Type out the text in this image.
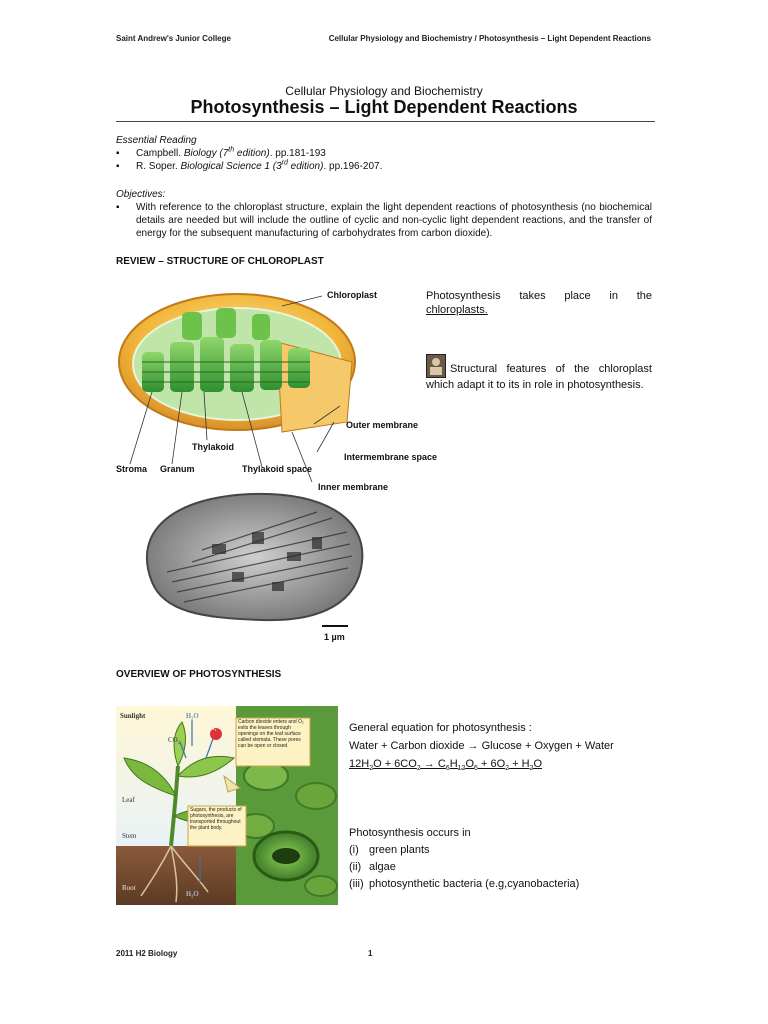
Saint Andrew's Junior College	Cellular Physiology and Biochemistry / Photosynthesis – Light Dependent Reactions
Cellular Physiology and Biochemistry
Photosynthesis – Light Dependent Reactions
Essential Reading
▪ Campbell. Biology (7th edition). pp.181-193
▪ R. Soper. Biological Science 1 (3rd edition). pp.196-207.
Objectives:
▪ With reference to the chloroplast structure, explain the light dependent reactions of photosynthesis (no biochemical details are needed but will include the outline of cyclic and non-cyclic light dependent reactions, and the transfer of energy for the subsequent manufacturing of carbohydrates from carbon dioxide).
REVIEW – STRUCTURE OF CHLOROPLAST
Chloroplast
Outer membrane
Intermembrane space
Inner membrane
Thylakoid
Stroma Granum	Thylakoid space
1 µm
Photosynthesis takes place in the chloroplasts.
Structural features of the chloroplast which adapt it to its in role in photosynthesis.
OVERVIEW OF PHOTOSYNTHESIS
Carbon dioxide enters and O₂ exits the leaves through openings on the leaf surface called stomata. These pores can be open or closed.
Sugars, the products of photosynthesis, are transported throughout the plant body.
Sunlight	H₂O
CO₂
O₂
Leaf
Stem
Root
H₂O
General equation for photosynthesis :
Water + Carbon dioxide → Glucose + Oxygen + Water
$12H_2O + 6CO_2 \to C_6H_{12}O_6 + 6O_2 + H_2O$
Photosynthesis occurs in
(i) green plants
(ii) algae
(iii) photosynthetic bacteria (e.g,cyanobacteria)
2011 H2 Biology	1
